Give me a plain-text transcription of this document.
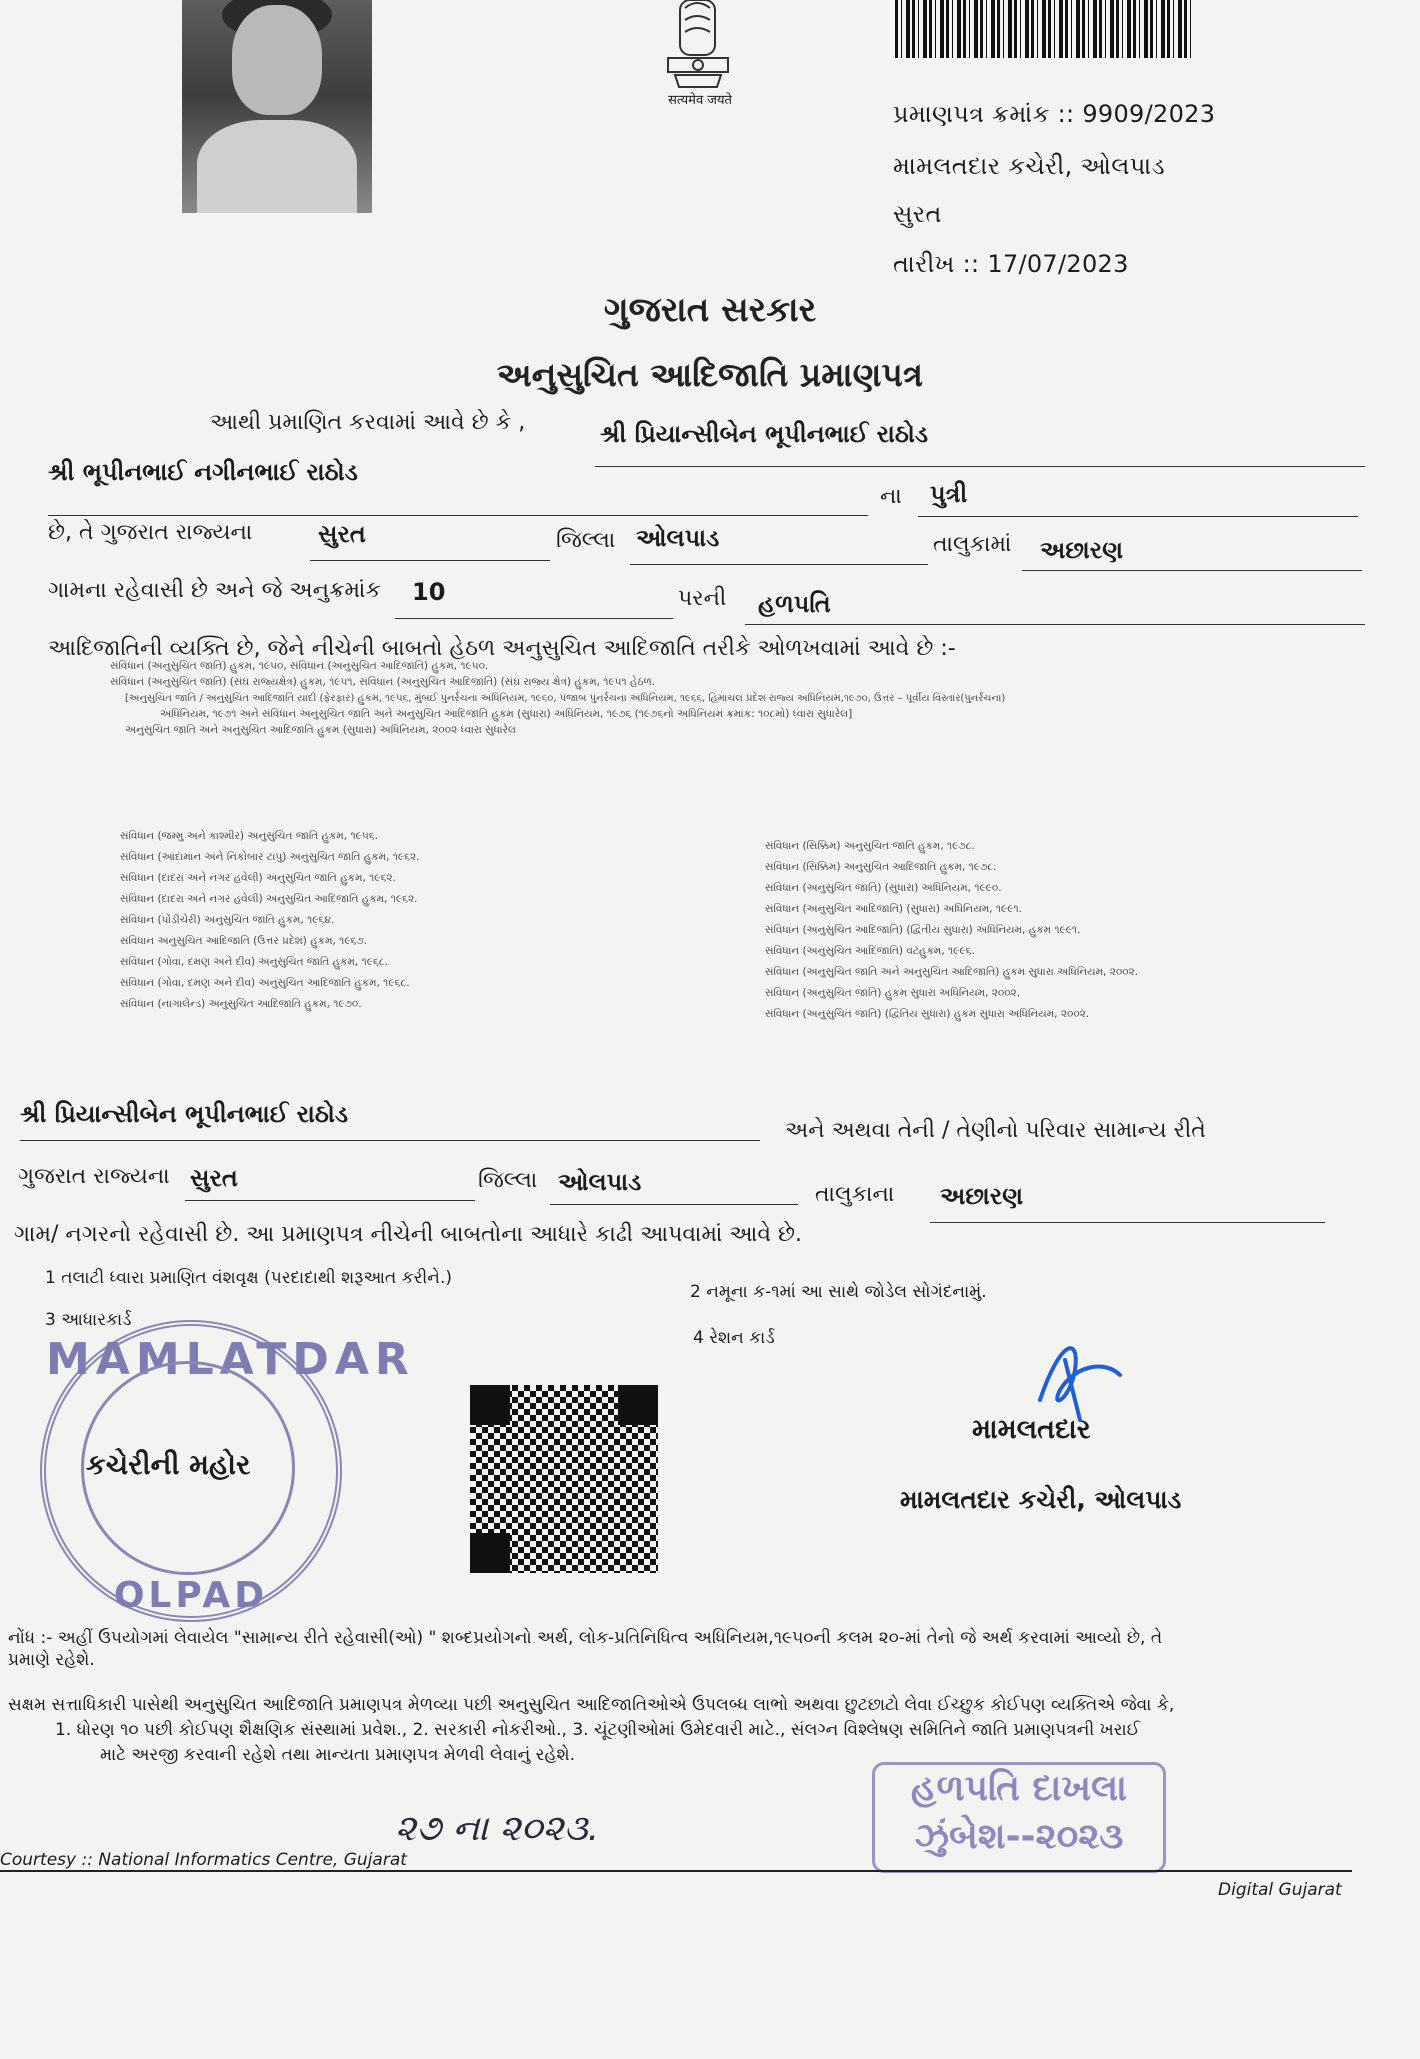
सत्यमेव जयते	પ્રમાણપત્ર ક્રમાંક :: 9909/2023
મામલતદાર કચેરી, ઓલપાડ
સુરત
તારીખ :: 17/07/2023
ગુજરાત સરકાર
અનુસુચિત આદિજાતિ પ્રમાણપત્ર
આથી પ્રમાણિત કરવામાં આવે છે કે ,	શ્રી પ્રિયાન્સીબેન ભૂપીનભાઈ રાઠોડ
શ્રી ભૂપીનભાઈ નગીનભાઈ રાઠોડ
ના પુત્રી
છે, તે ગુજરાત રાજ્યના	સુરત	જિલ્લા ઓલપાડ	તાલુકામાં અછારણ
ગામના રહેવાસી છે અને જે અનુક્રમાંક 10	પરની હળપતિ
આદિજાતિની વ્યક્તિ છે, જેને નીચેની બાબતો હેઠળ અનુસુચિત આદિજાતિ તરીકે ઓળખવામાં આવે છે :-
સંવિધાન (અનુસુચિત જાતિ) હુકમ, ૧૯૫૦, સંવિધાન (અનુસુચિત આદિજાતિ) હુકમ, ૧૯૫૦.
સંવિધાન (અનુસુચિત જાતિ) (સંઘ રાજ્યક્ષેત્ર) હુકમ, ૧૯૫૧, સંવિધાન (અનુસુચિત આદિજાતિ) (સંઘ રાજ્ય ક્ષેત્ર) હુકમ, ૧૯૫૧ હેઠળ.
[અનુસુચિત જાતિ / અનુસુચિત આદિજાતિ યાદી (ફેરફાર) હુકમ, ૧૯૫૬, મુંબઈ પુનર્રચના અધિનિયમ, ૧૯૬૦, પંજાબ પુનર્રચના અધિનિયમ, ૧૯૬૬, હિમાચલ પ્રદેશ રાજ્ય અધિનિયમ,૧૯૭૦, ઉત્તર – પૂર્વીય વિસ્તાર(પુનર્રચના)
અધિનિયમ, ૧૯૭૧ અને સંવિધાન અનુસુચિત જાતિ અને અનુસુચિત આદિજાતિ હુકમ (સુધારા) અધિનિયમ, ૧૯૭૬ (૧૯૭૬નો અધિનિયમ ક્રમાંક: ૧૦૮મો) ધ્વારા સુધારેલ]
અનુસુચિત જાતિ અને અનુસુચિત આદિજાતિ હુકમ (સુધારા) અધિનિયમ, ૨૦૦૨ ધ્વારા સુધારેલ
સંવિધાન (જમ્મુ અને કાશ્મીર) અનુસુચિત જાતિ હુકમ, ૧૯૫૬.
સંવિધાન (આંદામાન અને નિકોબાર ટાપુ) અનુસુચિત જાતિ હુકમ, ૧૯૬૨.
સંવિધાન (દાદરા અને નગર હવેલી) અનુસુચિત જાતિ હુકમ, ૧૯૬૨.
સંવિધાન (દાદરા અને નગર હવેલી) અનુસુચિત આદિજાતિ હુકમ, ૧૯૬૨.
સંવિધાન (પોંડીચેરી) અનુસુચિત જાતિ હુકમ, ૧૯૬૪.
સંવિધાન અનુસુચિત આદિજાતિ (ઉત્તર પ્રદેશ) હુકમ, ૧૯૬૭.
સંવિધાન (ગોવા, દમણ અને દીવ) અનુસુચિત જાતિ હુકમ, ૧૯૬૮.
સંવિધાન (ગોવા, દમણ અને દીવ) અનુસુચિત આદિજાતિ હુકમ, ૧૯૬૮.
સંવિધાન (નાગાલેન્ડ) અનુસુચિત આદિજાતિ હુકમ, ૧૯૭૦.
સંવિધાન (સિક્કિમ) અનુસુચિત જાતિ હુકમ, ૧૯૭૮.
સંવિધાન (સિક્કિમ) અનુસુચિત આદિજાતિ હુકમ, ૧૯૭૮.
સંવિધાન (અનુસુચિત જાતિ) (સુધારા) અધિનિયમ, ૧૯૯૦.
સંવિધાન (અનુસુચિત આદિજાતિ) (સુધારા) અધિનિયમ, ૧૯૯૧.
સંવિધાન (અનુસુચિત આદિજાતિ) (દ્વિતીય સુધારા) અધિનિયમ, હુકમ ૧૯૯૧.
સંવિધાન (અનુસુચિત આદિજાતિ) વટહુકમ, ૧૯૯૬.
સંવિધાન (અનુસુચિત જાતિ અને અનુસુચિત આદિજાતિ) હુકમ સુધારા અધિનિયમ, ૨૦૦૨.
સંવિધાન (અનુસુચિત જાતિ) હુકમ સુધારા અધિનિયમ, ૨૦૦૨.
સંવિધાન (અનુસુચિત જાતિ) (દ્વિતિય સુધારા) હુકમ સુધારા અધિનિયમ, ૨૦૦૨.
શ્રી પ્રિયાન્સીબેન ભૂપીનભાઈ રાઠોડ
અને અથવા તેની / તેણીનો પરિવાર સામાન્ય રીતે
ગુજરાત રાજ્યના સુરત	જિલ્લા ઓલપાડ	તાલુકાના અછારણ
ગામ/ નગરનો રહેવાસી છે. આ પ્રમાણપત્ર નીચેની બાબતોના આધારે કાઢી આપવામાં આવે છે.
1 તલાટી ધ્વારા પ્રમાણિત વંશવૃક્ષ (પરદાદાથી શરૂઆત કરીને.)
2 નમૂના ક-૧માં આ સાથે જોડેલ સોગંદનામું.
3 આધારકાર્ડ
4 રેશન કાર્ડ
MAMLATDAR
કચેરીની મહોર
OLPAD
મામલતદાર
મામલતદાર કચેરી, ઓલપાડ
નોંધ :- અહીં ઉપયોગમાં લેવાયેલ "સામાન્ય રીતે રહેવાસી(ઓ) " શબ્દપ્રયોગનો અર્થ, લોક-પ્રતિનિધિત્વ અધિનિયમ,૧૯૫૦ની કલમ ૨૦-માં તેનો જે અર્થ કરવામાં આવ્યો છે, તે
પ્રમાણે રહેશે.
સક્ષમ સત્તાધિકારી પાસેથી અનુસુચિત આદિજાતિ પ્રમાણપત્ર મેળવ્યા પછી અનુસુચિત આદિજાતિઓએ ઉપલબ્ધ લાભો અથવા છુટછાટો લેવા ઈચ્છુક કોઈપણ વ્યક્તિએ જેવા કે,
1. ધોરણ ૧૦ પછી કોઈપણ શૈક્ષણિક સંસ્થામાં પ્રવેશ., 2. સરકારી નોકરીઓ., 3. ચૂંટણીઓમાં ઉમેદવારી માટે., સંલગ્ન વિશ્લેષણ સમિતિને જાતિ પ્રમાણપત્રની ખરાઈ
માટે અરજી કરવાની રહેશે તથા માન્યતા પ્રમાણપત્ર મેળવી લેવાનું રહેશે.
હળપતિ દાખલા
ઝુંબેશ--૨૦૨૩
૨૭ ના ૨૦૨૩.
Courtesy :: National Informatics Centre, Gujarat
Digital Gujarat
